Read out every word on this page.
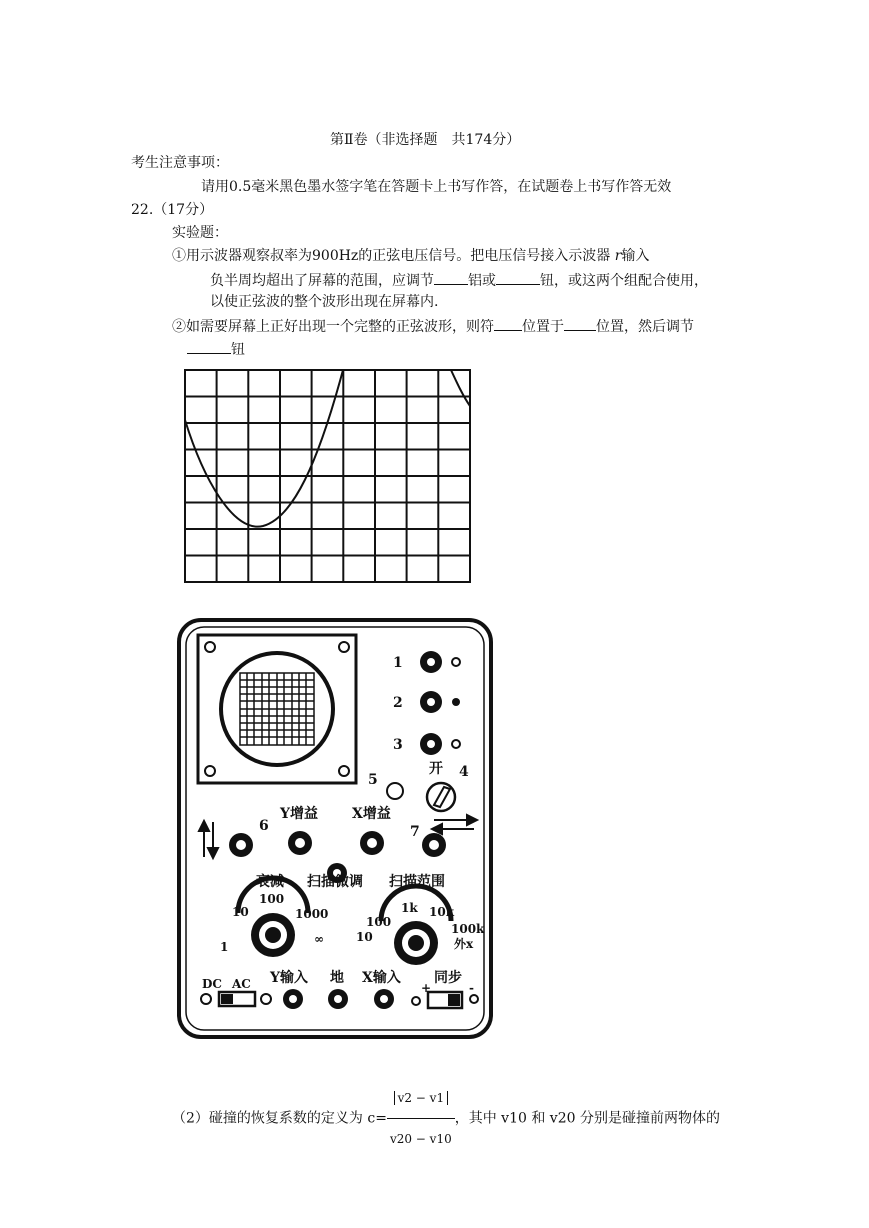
第Ⅱ卷（非选择题　共174分）
考生注意事项：
请用0.5毫米黑色墨水签字笔在答题卡上书写作答，在试题卷上书写作答无效
22.（17分）
实验题：
①用示波器观察叔率为900Hz的正弦电压信号。把电压信号接入示波器 r输入
负半周均超出了屏幕的范围，应调节 铝或	钮，或这两个组配合使用，
以使正弦波的整个波形出现在屏幕内.
②如需要屏幕上正好出现一个完整的正弦波形，则符 位置于 位置，然后调节
钮
1
2
3
5
开 4
6
Y增益 X增益
7
衰减 扫描微调 扫描范围
10
100
1000
1
∞
100
1k 10k
10
100k
外x
DC AC Y输入 地 X输入 同步
+	-
（2）碰撞的恢复系数的定义为 $c= \frac{v2 - v1}{v20 - v10}$ ，其中 v10 和 v20 分别是碰撞前两物体的
